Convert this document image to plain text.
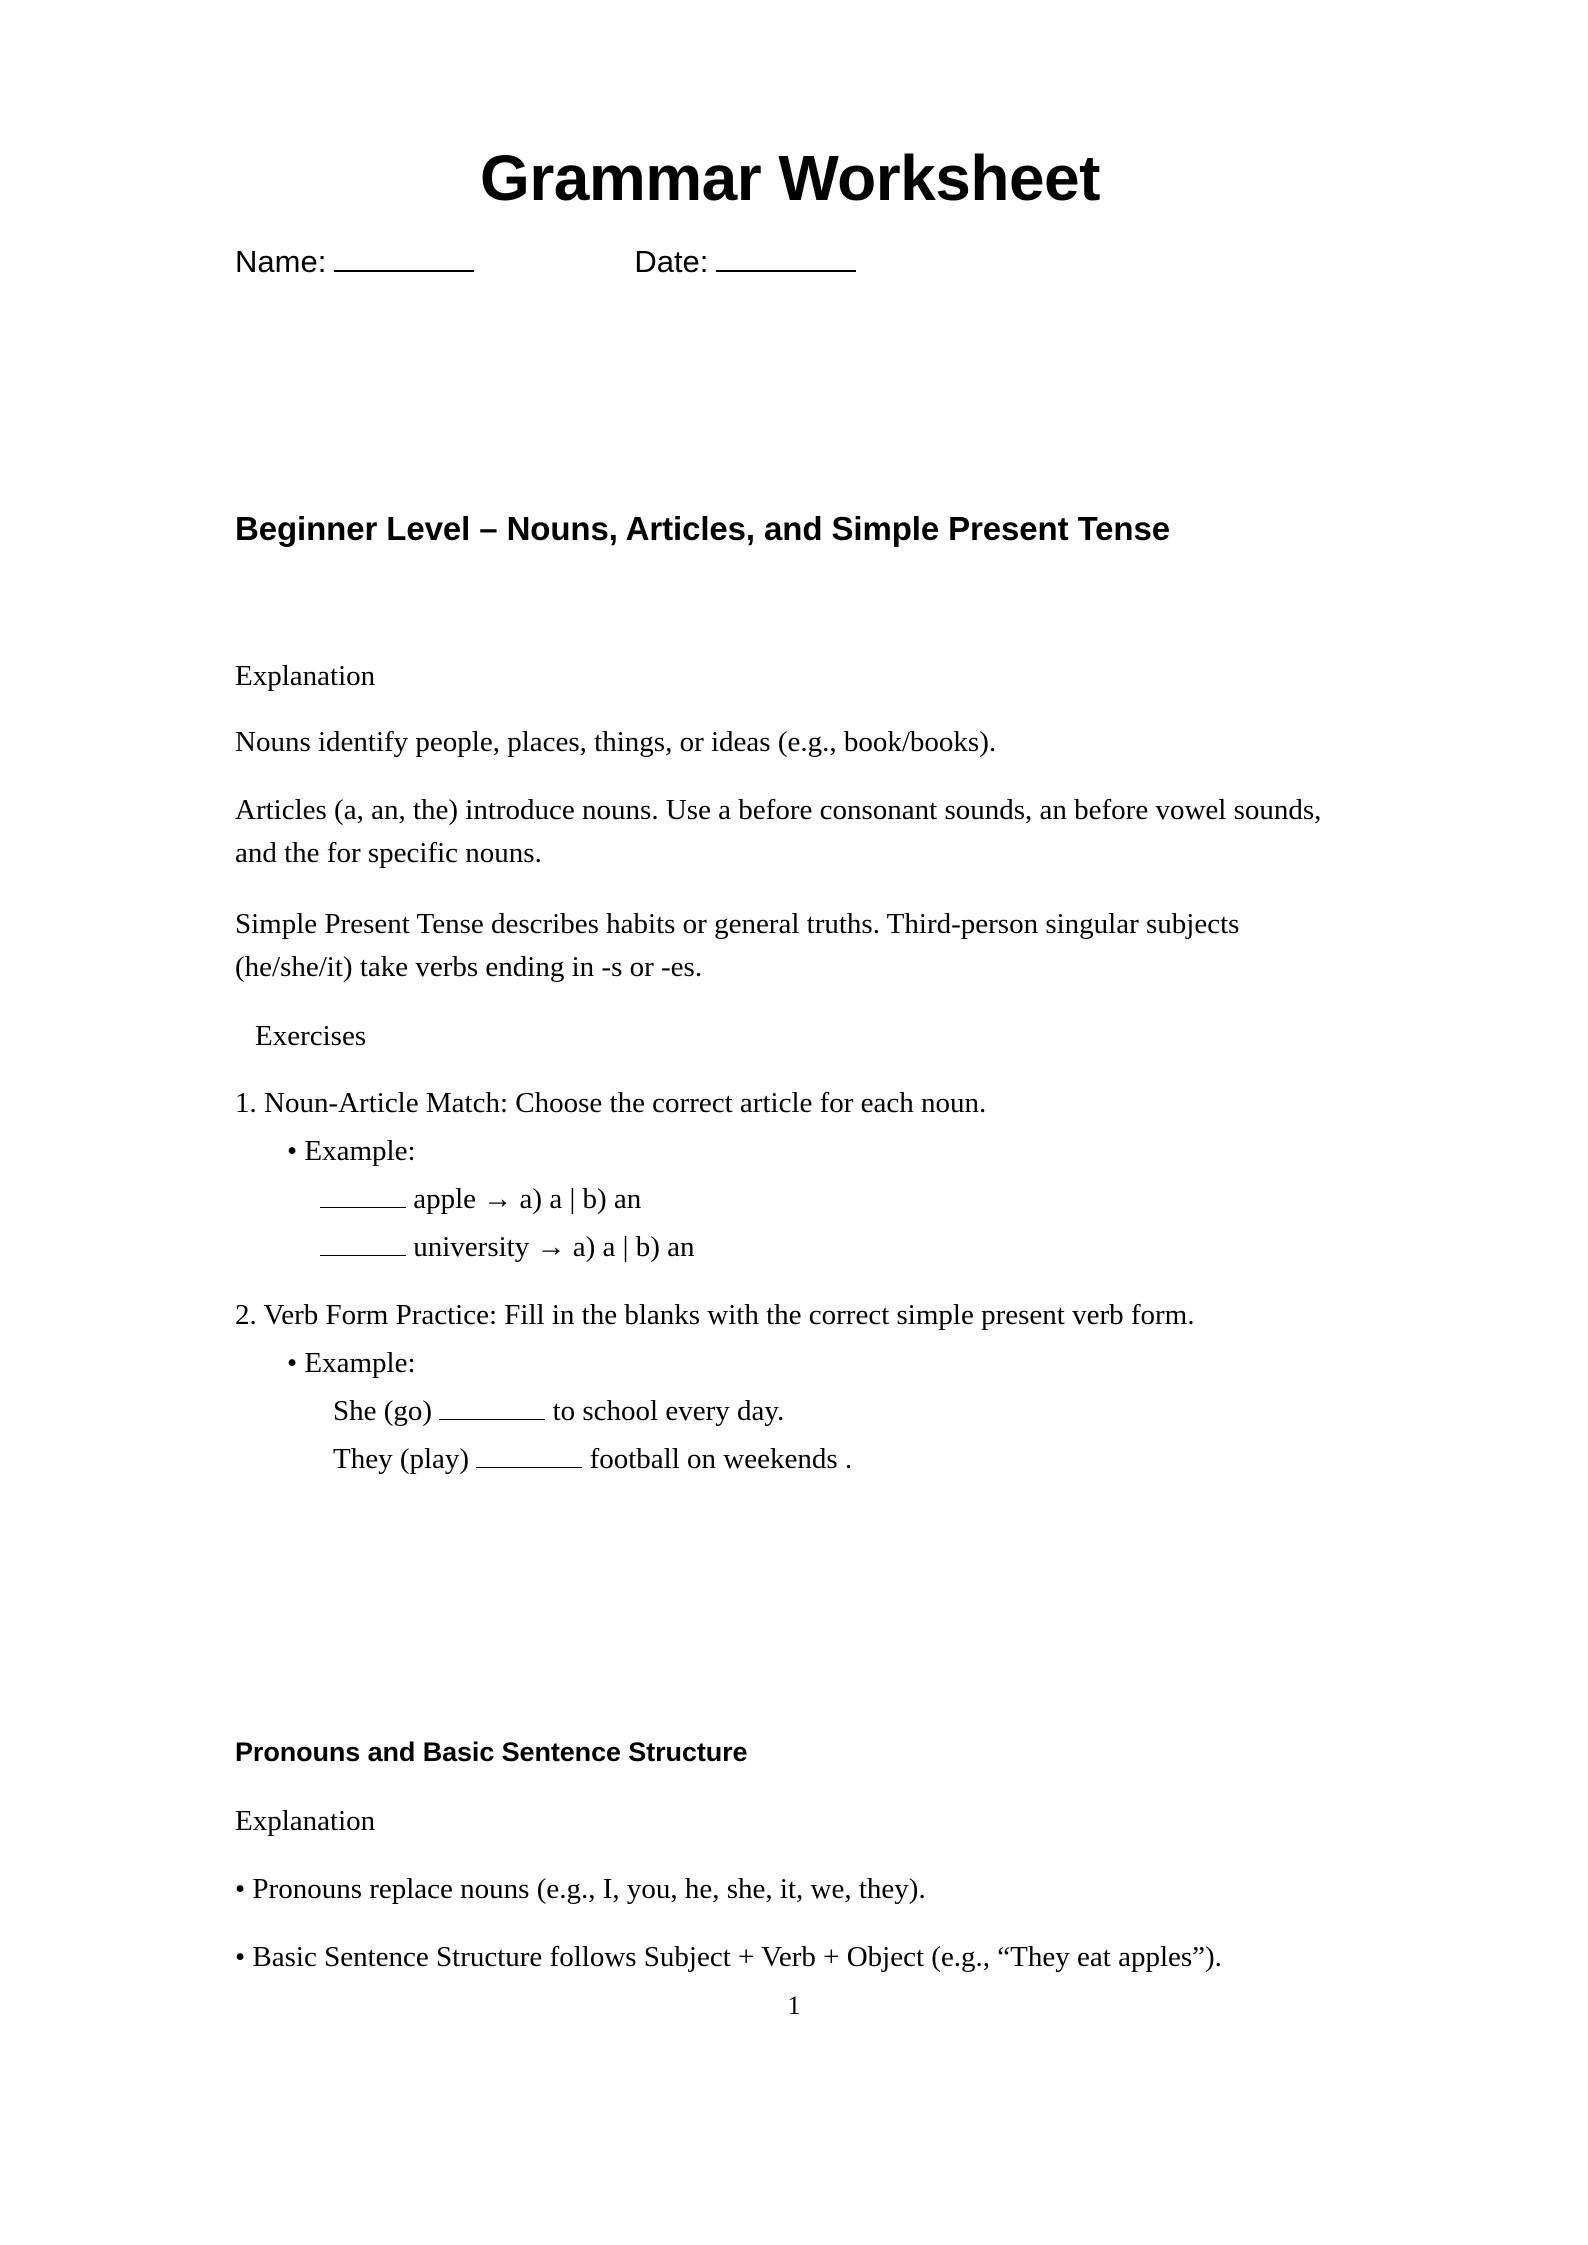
Grammar Worksheet
Name:	Date:
Beginner Level – Nouns, Articles, and Simple Present Tense

Explanation

Nouns identify people, places, things, or ideas (e.g., book/books).

Articles (a, an, the) introduce nouns. Use a before consonant sounds, an before vowel sounds, and the for specific nouns.

Simple Present Tense describes habits or general truths. Third-person singular subjects (he/she/it) take verbs ending in -s or -es.

Exercises

1. Noun-Article Match: Choose the correct article for each noun.

• Example:

apple → a) a | b) an

university → a) a | b) an

2. Verb Form Practice: Fill in the blanks with the correct simple present verb form.

• Example:

She (go)	to school every day.

They (play)	football on weekends .

Pronouns and Basic Sentence Structure

Explanation

• Pronouns replace nouns (e.g., I, you, he, she, it, we, they).

• Basic Sentence Structure follows Subject + Verb + Object (e.g., “They eat apples”).

1
